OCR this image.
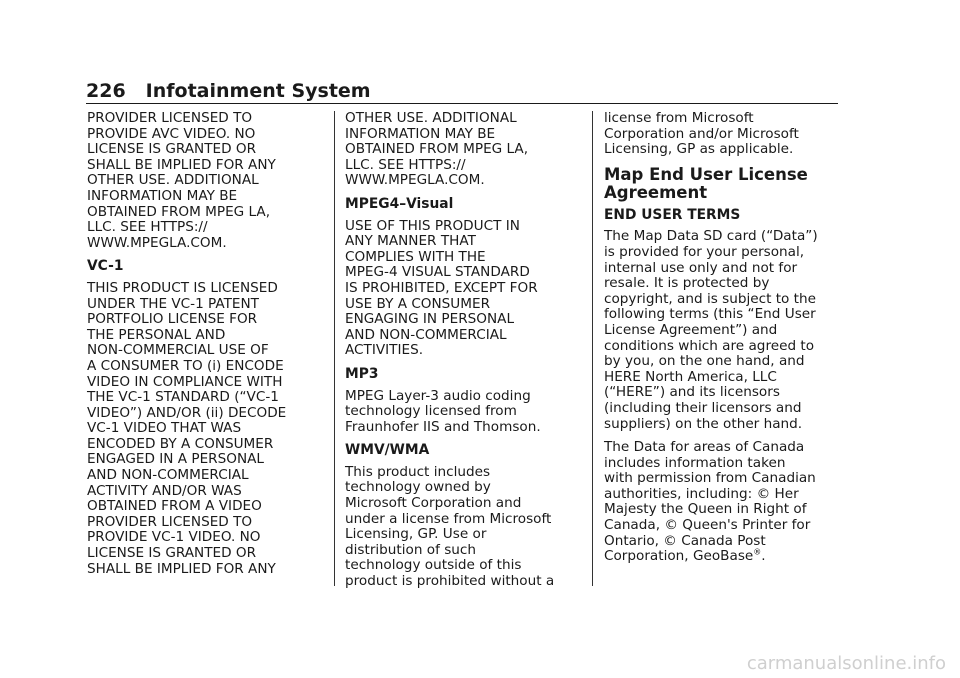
226 Infotainment System

PROVIDER LICENSED TO
PROVIDE AVC VIDEO. NO
LICENSE IS GRANTED OR
SHALL BE IMPLIED FOR ANY
OTHER USE. ADDITIONAL
INFORMATION MAY BE
OBTAINED FROM MPEG LA,
LLC. SEE HTTPS://
WWW.MPEGLA.COM.

VC-1

THIS PRODUCT IS LICENSED
UNDER THE VC-1 PATENT
PORTFOLIO LICENSE FOR
THE PERSONAL AND
NON-COMMERCIAL USE OF
A CONSUMER TO (i) ENCODE
VIDEO IN COMPLIANCE WITH
THE VC-1 STANDARD (“VC-1
VIDEO”) AND/OR (ii) DECODE
VC-1 VIDEO THAT WAS
ENCODED BY A CONSUMER
ENGAGED IN A PERSONAL
AND NON-COMMERCIAL
ACTIVITY AND/OR WAS
OBTAINED FROM A VIDEO
PROVIDER LICENSED TO
PROVIDE VC-1 VIDEO. NO
LICENSE IS GRANTED OR
SHALL BE IMPLIED FOR ANY

OTHER USE. ADDITIONAL
INFORMATION MAY BE
OBTAINED FROM MPEG LA,
LLC. SEE HTTPS://
WWW.MPEGLA.COM.

MPEG4–Visual

USE OF THIS PRODUCT IN
ANY MANNER THAT
COMPLIES WITH THE
MPEG-4 VISUAL STANDARD
IS PROHIBITED, EXCEPT FOR
USE BY A CONSUMER
ENGAGING IN PERSONAL
AND NON-COMMERCIAL
ACTIVITIES.

MP3

MPEG Layer-3 audio coding
technology licensed from
Fraunhofer IIS and Thomson.

WMV/WMA

This product includes
technology owned by
Microsoft Corporation and
under a license from Microsoft
Licensing, GP. Use or
distribution of such
technology outside of this
product is prohibited without a

license from Microsoft
Corporation and/or Microsoft
Licensing, GP as applicable.

Map End User License
Agreement
END USER TERMS

The Map Data SD card (“Data”)
is provided for your personal,
internal use only and not for
resale. It is protected by
copyright, and is subject to the
following terms (this “End User
License Agreement”) and
conditions which are agreed to
by you, on the one hand, and
HERE North America, LLC
(“HERE”) and its licensors
(including their licensors and
suppliers) on the other hand.

The Data for areas of Canada
includes information taken
with permission from Canadian
authorities, including: © Her
Majesty the Queen in Right of
Canada, © Queen's Printer for
Ontario, © Canada Post
Corporation, GeoBase®.

carmanualsonline.info
